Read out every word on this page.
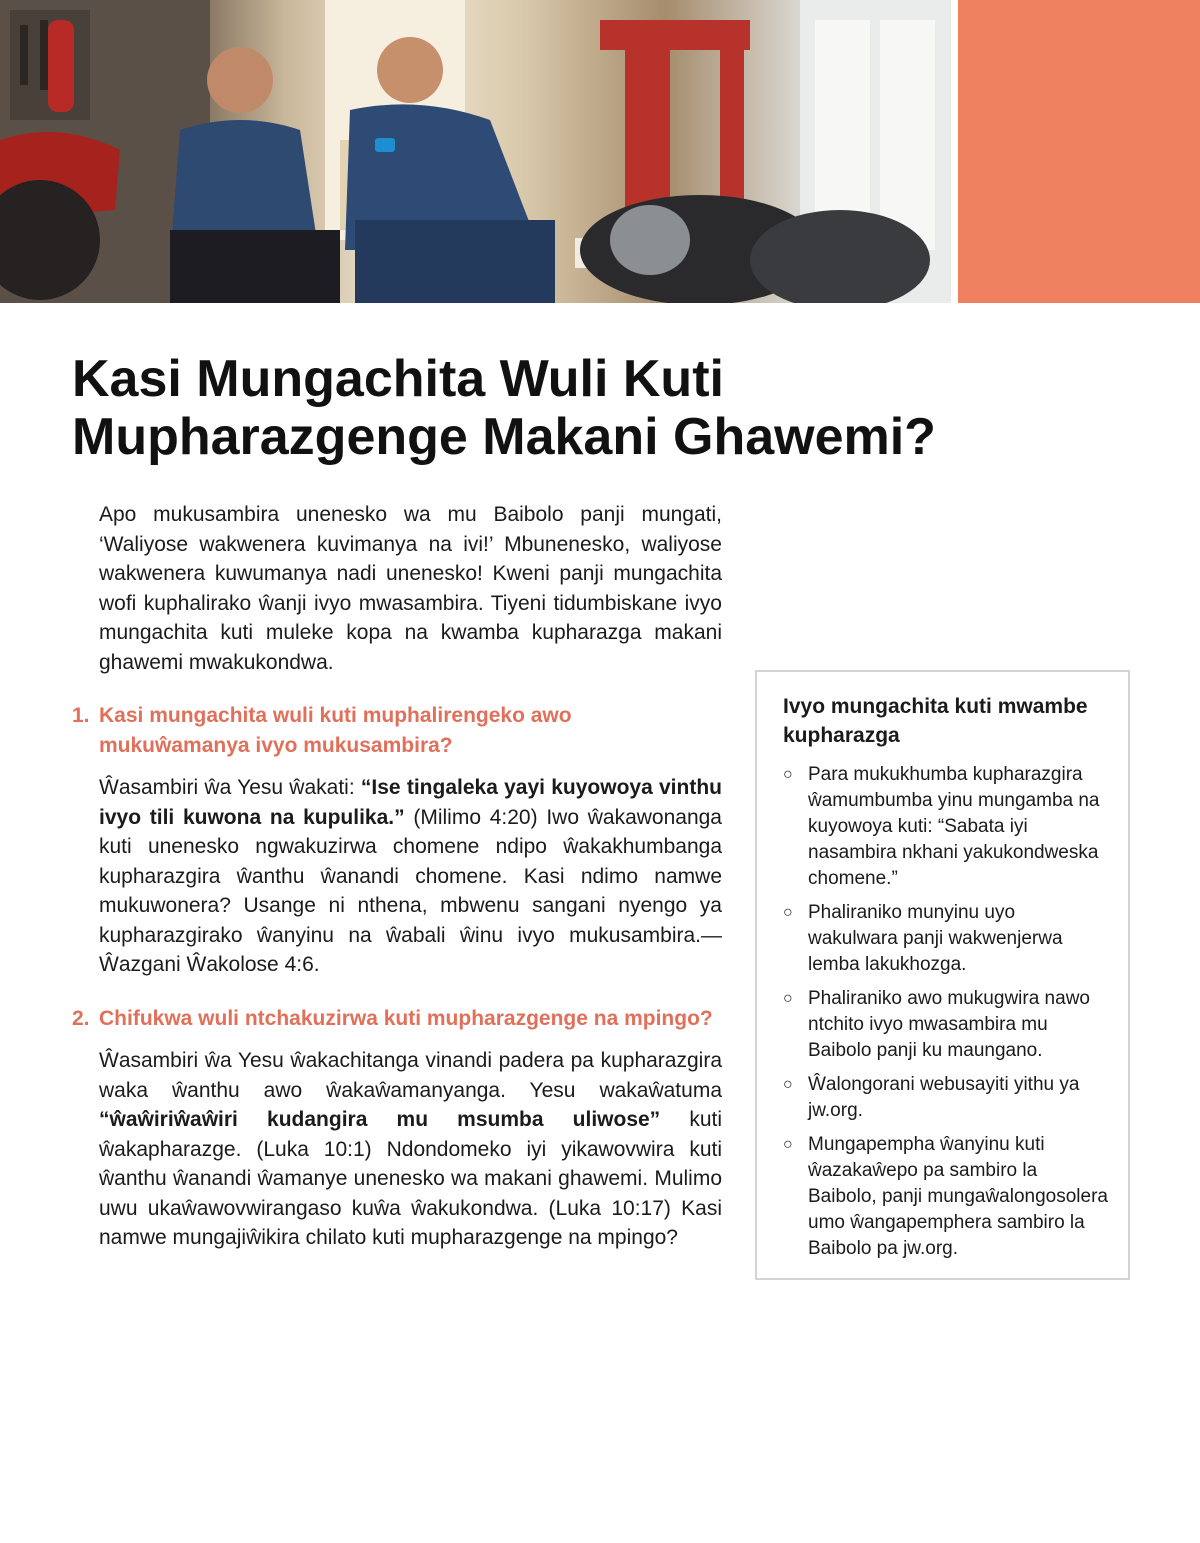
Kasi Mungachita Wuli Kuti
Mupharazgenge Makani Ghawemi?

Apo mukusambira unenesko wa mu Baibolo panji mungati, ‘Waliyose wakwenera kuvimanya na ivi!’ Mbunenesko, waliyose wakwenera kuwumanya nadi unenesko! Kweni panji mungachita wofi kuphalirako ŵanji ivyo mwasambira. Tiyeni tidumbiskane ivyo mungachita kuti muleke kopa na kwamba kupharazga makani ghawemi mwakukondwa.

1. Kasi mungachita wuli kuti muphalirengeko awo mukuŵamanya ivyo mukusambira?

Ŵasambiri ŵa Yesu ŵakati: “Ise tingaleka yayi kuyowoya vinthu ivyo tili kuwona na kupulika.” (Milimo 4:20) Iwo ŵakawonanga kuti unenesko ngwakuzirwa chomene ndipo ŵakakhumbanga kupharazgira ŵanthu ŵanandi chomene. Kasi ndimo namwe mukuwonera? Usange ni nthena, mbwenu sangani nyengo ya kupharazgirako ŵanyinu na ŵabali ŵinu ivyo mukusambira.—Ŵazgani Ŵakolose 4:6.

2. Chifukwa wuli ntchakuzirwa kuti mupharazgenge na mpingo?

Ŵasambiri ŵa Yesu ŵakachitanga vinandi padera pa kupharazgira waka ŵanthu awo ŵakaŵamanyanga. Yesu wakaŵatuma “ŵaŵiriŵaŵiri kudangira mu msumba uliwose” kuti ŵakapharazge. (Luka 10:1) Ndondomeko iyi yikawovwira kuti ŵanthu ŵanandi ŵamanye unenesko wa makani ghawemi. Mulimo uwu ukaŵawovwirangaso kuŵa ŵakukondwa. (Luka 10:17) Kasi namwe mungajiŵikira chilato kuti mupharazgenge na mpingo?

Ivyo mungachita kuti mwambe kupharazga
○ Para mukukhumba kupharazgira ŵamumbumba yinu mungamba na kuyowoya kuti: “Sabata iyi nasambira nkhani yakukondweska chomene.”
○ Phaliraniko munyinu uyo wakulwara panji wakwenjerwa lemba lakukhozga.
○ Phaliraniko awo mukugwira nawo ntchito ivyo mwasambira mu Baibolo panji ku maungano.
○ Ŵalongorani webusayiti yithu ya jw.org.
○ Mungapempha ŵanyinu kuti ŵazakaŵepo pa sambiro la Baibolo, panji mungaŵalongosolera umo ŵangapemphera sambiro la Baibolo pa jw.org.
